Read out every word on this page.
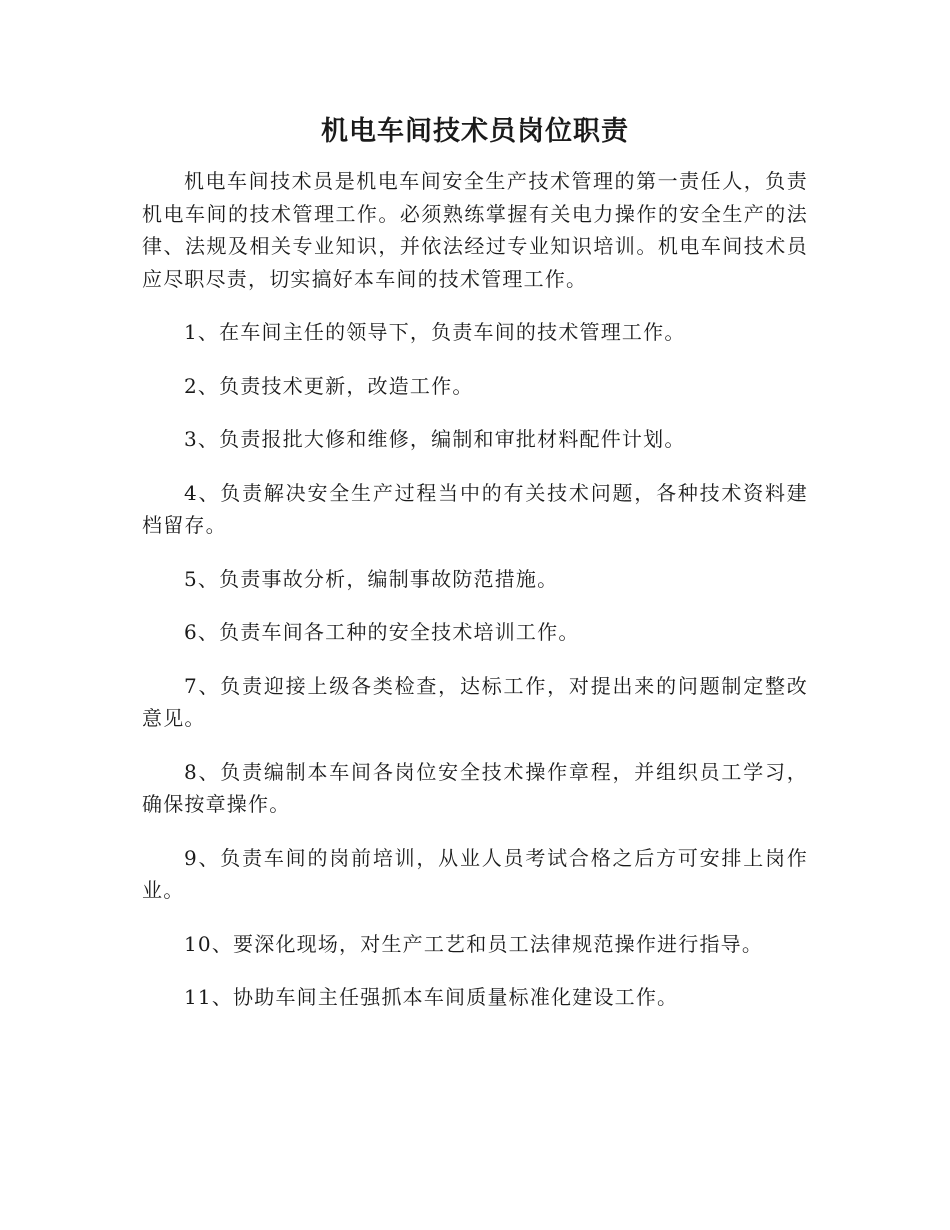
机电车间技术员岗位职责

机电车间技术员是机电车间安全生产技术管理的第一责任人，负责机电车间的技术管理工作。必须熟练掌握有关电力操作的安全生产的法律、法规及相关专业知识，并依法经过专业知识培训。机电车间技术员应尽职尽责，切实搞好本车间的技术管理工作。

1、在车间主任的领导下，负责车间的技术管理工作。
2、负责技术更新，改造工作。
3、负责报批大修和维修，编制和审批材料配件计划。
4、负责解决安全生产过程当中的有关技术问题，各种技术资料建档留存。
5、负责事故分析，编制事故防范措施。
6、负责车间各工种的安全技术培训工作。
7、负责迎接上级各类检查，达标工作，对提出来的问题制定整改意见。
8、负责编制本车间各岗位安全技术操作章程，并组织员工学习，确保按章操作。
9、负责车间的岗前培训，从业人员考试合格之后方可安排上岗作业。
10、要深化现场，对生产工艺和员工法律规范操作进行指导。
11、协助车间主任强抓本车间质量标准化建设工作。
